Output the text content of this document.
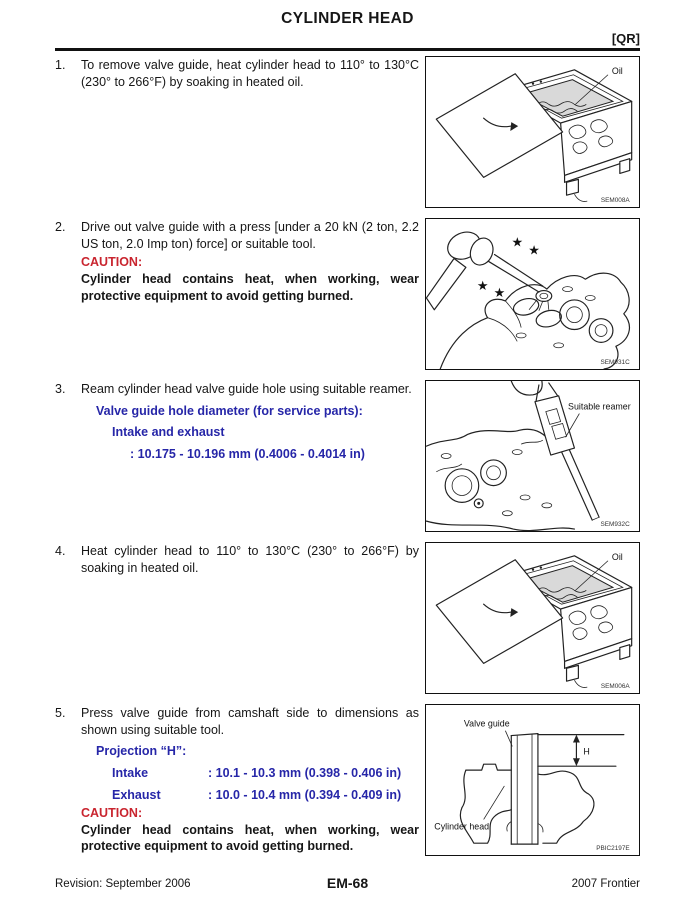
CYLINDER HEAD
[QR]
1.	To remove valve guide, heat cylinder head to 110° to 130°C (230° to 266°F) by soaking in heated oil.

Oil
SEM008A
2.	Drive out valve guide with a press [under a 20 kN (2 ton, 2.2 US ton, 2.0 Imp ton) force] or suitable tool.

CAUTION:
Cylinder head contains heat, when working, wear protective equipment to avoid getting burned.
★
★
★ ★
SEM931C
3.	Ream cylinder head valve guide hole using suitable reamer.

Valve guide hole diameter (for service parts):
Intake and exhaust
: 10.175 - 10.196 mm (0.4006 - 0.4014 in)
Suitable reamer
SEM932C
4.	Heat cylinder head to 110° to 130°C (230° to 266°F) by soaking in heated oil.

Oil
SEM006A
5.	Press valve guide from camshaft side to dimensions as shown using suitable tool.

Projection “H”:
Intake	: 10.1 - 10.3 mm (0.398 - 0.406 in)
Exhaust	: 10.0 - 10.4 mm (0.394 - 0.409 in)
CAUTION:
Cylinder head contains heat, when working, wear protective equipment to avoid getting burned.
H
Valve guide
Cylinder head
PBIC2197E
Revision: September 2006	EM-68	2007 Frontier
